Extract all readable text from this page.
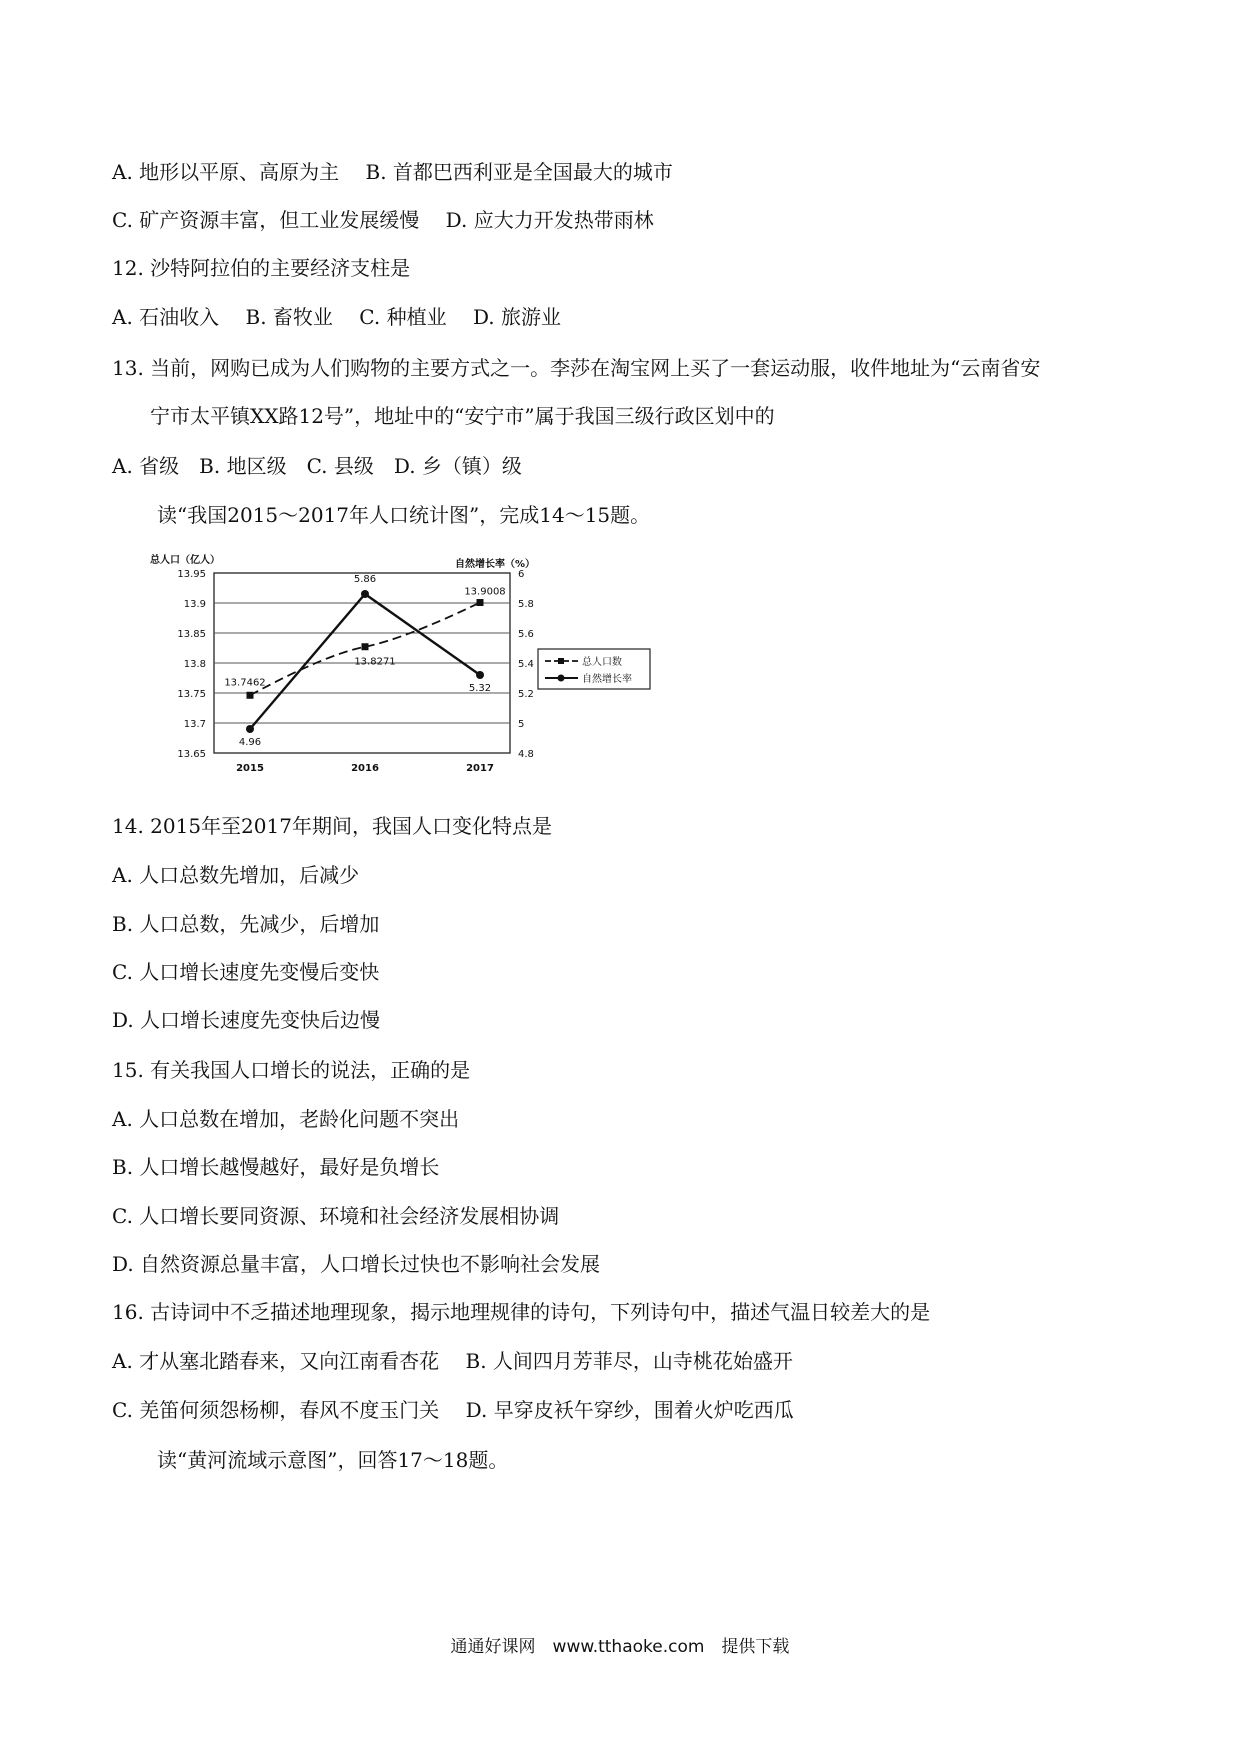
A. 地形以平原、高原为主　 B. 首都巴西利亚是全国最大的城市
C. 矿产资源丰富，但工业发展缓慢　 D. 应大力开发热带雨林
12. 沙特阿拉伯的主要经济支柱是
A. 石油收入　 B. 畜牧业　 C. 种植业　 D. 旅游业
13. 当前，网购已成为人们购物的主要方式之一。李莎在淘宝网上买了一套运动服，收件地址为“云南省安
宁市太平镇XX路12号”，地址中的“安宁市”属于我国三级行政区划中的
A. 省级　B. 地区级　C. 县级　D. 乡（镇）级
读“我国2015～2017年人口统计图”，完成14～15题。
13.95
13.9
13.85
13.8
13.75
13.7
13.65
6
5.8
5.6
5.4
5.2
5
4.8
2015	2016	2017
总人口（亿人）	自然增长率（%）
13.7462
13.8271
13.9008
4.96
5.86
5.32
总人口数
自然增长率
14. 2015年至2017年期间，我国人口变化特点是
A. 人口总数先增加，后减少
B. 人口总数，先减少，后增加
C. 人口增长速度先变慢后变快
D. 人口增长速度先变快后边慢
15. 有关我国人口增长的说法，正确的是
A. 人口总数在增加，老龄化问题不突出
B. 人口增长越慢越好，最好是负增长
C. 人口增长要同资源、环境和社会经济发展相协调
D. 自然资源总量丰富，人口增长过快也不影响社会发展
16. 古诗词中不乏描述地理现象，揭示地理规律的诗句，下列诗句中，描述气温日较差大的是
A. 才从塞北踏春来，又向江南看杏花　 B. 人间四月芳菲尽，山寺桃花始盛开
C. 羌笛何须怨杨柳，春风不度玉门关　 D. 早穿皮袄午穿纱，围着火炉吃西瓜
读“黄河流域示意图”，回答17～18题。
通通好课网　www.tthaoke.com　提供下载
